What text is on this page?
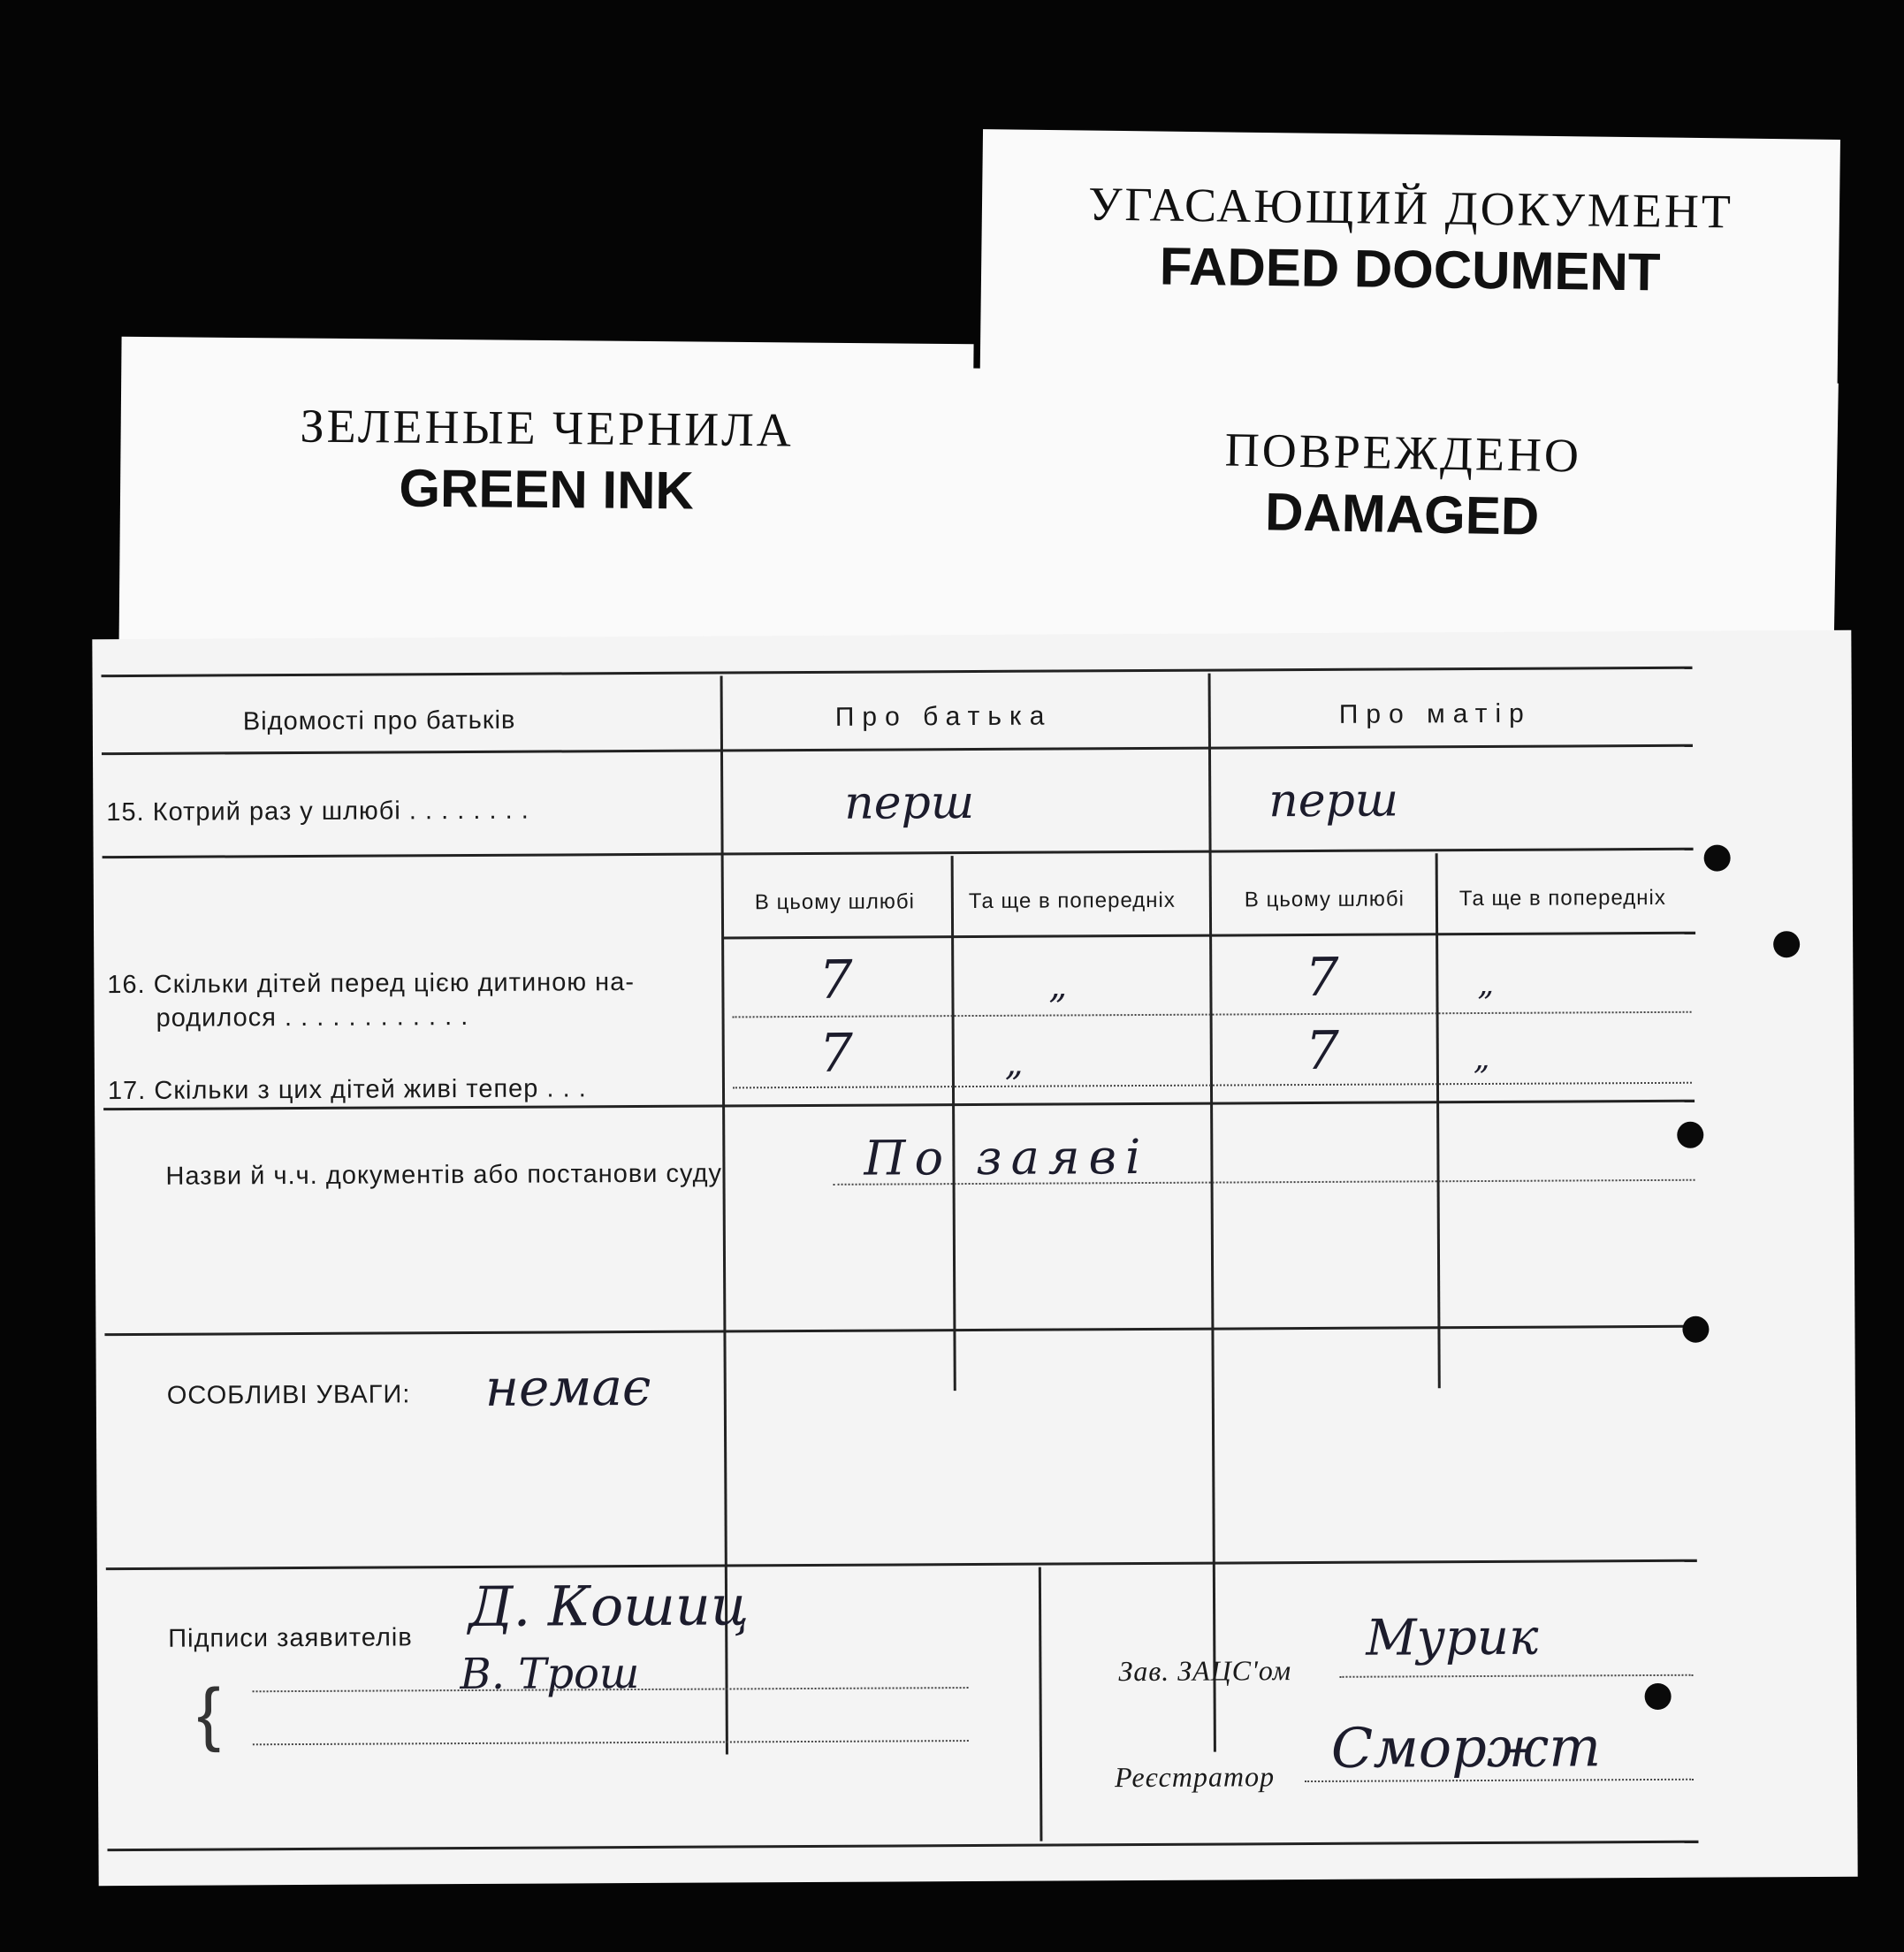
УГАСАЮЩИЙ ДОКУМЕНТ
FADED DOCUMENT
ЗЕЛЕНЫЕ ЧЕРНИЛА
GREEN INK
ПОВРЕЖДЕНО
DAMAGED
Відомості про батьків	Про батька	Про матір
15. Котрий раз у шлюбі . . . . . . . .	перш	перш
В цьому шлюбі	Та ще в попередніх	В цьому шлюбі	Та ще в попередніх
16. Скільки дітей перед цією дитиною на-
родилося . . . . . . . . . . . .
7	„	7	„
17. Скільки з цих дітей живі тепер . . .
7	„	7	„
Назви й ч.ч. документів або постанови суду	По заяві
ОСОБЛИВІ УВАГИ: немає
Підписи заявителів Д. Кошиц
В. Трош
{
Зав. ЗАЦС'ом
Мурик
Реєстратор Сморжт
